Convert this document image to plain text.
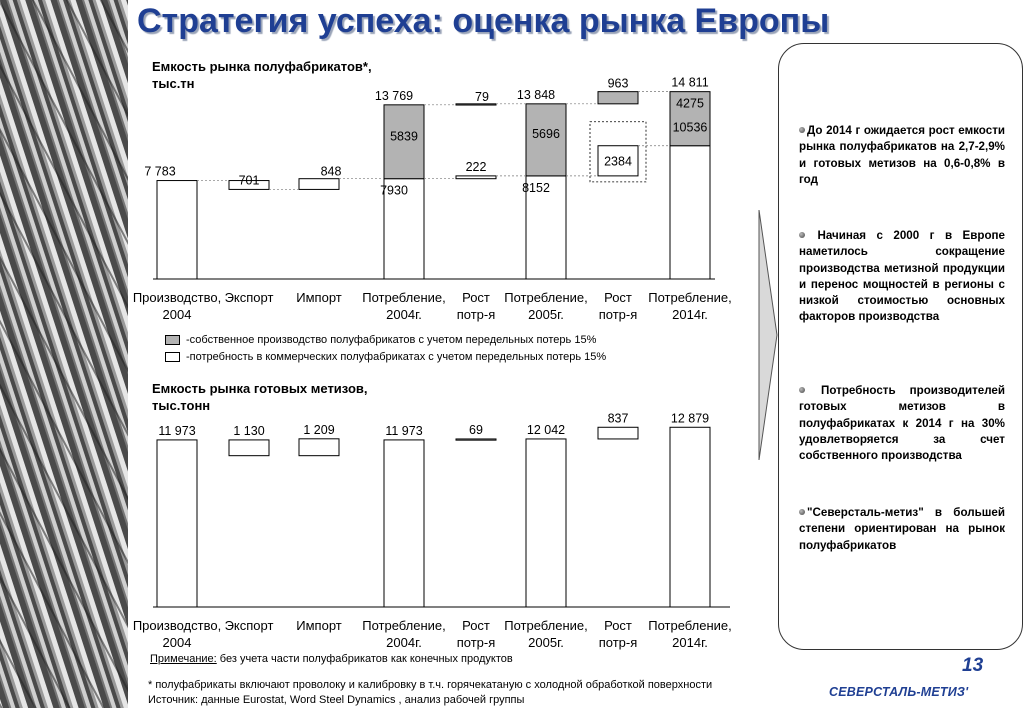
Стратегия успеха: оценка рынка Европы
Емкость рынка полуфабрикатов*, тыс.тн
7 783
701
848
13 769
5839
7930
222
79 13 848
5696
8152
2384
963	14 811
4275
10536
Производство,
2004
Экспорт Импорт Потребление,
2004г.
Рост
потр-я
Потребление,
2005г.
Рост
потр-я
Потребление,
2014г.
-собственное производство полуфабрикатов с учетом передельных потерь 15%
-потребность в коммерческих полуфабрикатах с учетом передельных потерь 15%
Емкость рынка готовых метизов, тыс.тонн
11 973	1 130	1 209	11 973	69	12 042
837	12 879
Производство,
2004
Экспорт Импорт Потребление,
2004г.
Рост
потр-я
Потребление,
2005г.
Рост
потр-я
Потребление,
2014г.
До 2014 г ожидается рост емкости рынка полуфабрикатов на 2,7-2,9% и готовых метизов на 0,6-0,8% в год
Начиная с 2000 г в Европе наметилось сокращение производства метизной продукции и перенос мощностей в регионы с низкой стоимостью основных факторов производства
Потребность производителей готовых метизов в полуфабрикатах к 2014 г на 30% удовлетворяется за счет собственного производства
"Северсталь-метиз" в большей степени ориентирован на рынок полуфабрикатов
Примечание: без учета части полуфабрикатов как конечных продуктов
* полуфабрикаты включают проволоку и калибровку в т.ч. горячекатаную с холодной обработкой поверхности
Источник: данные Eurostat, Word Steel Dynamics , анализ рабочей группы
13
СЕВЕРСТАЛЬ-МЕТИЗ'
